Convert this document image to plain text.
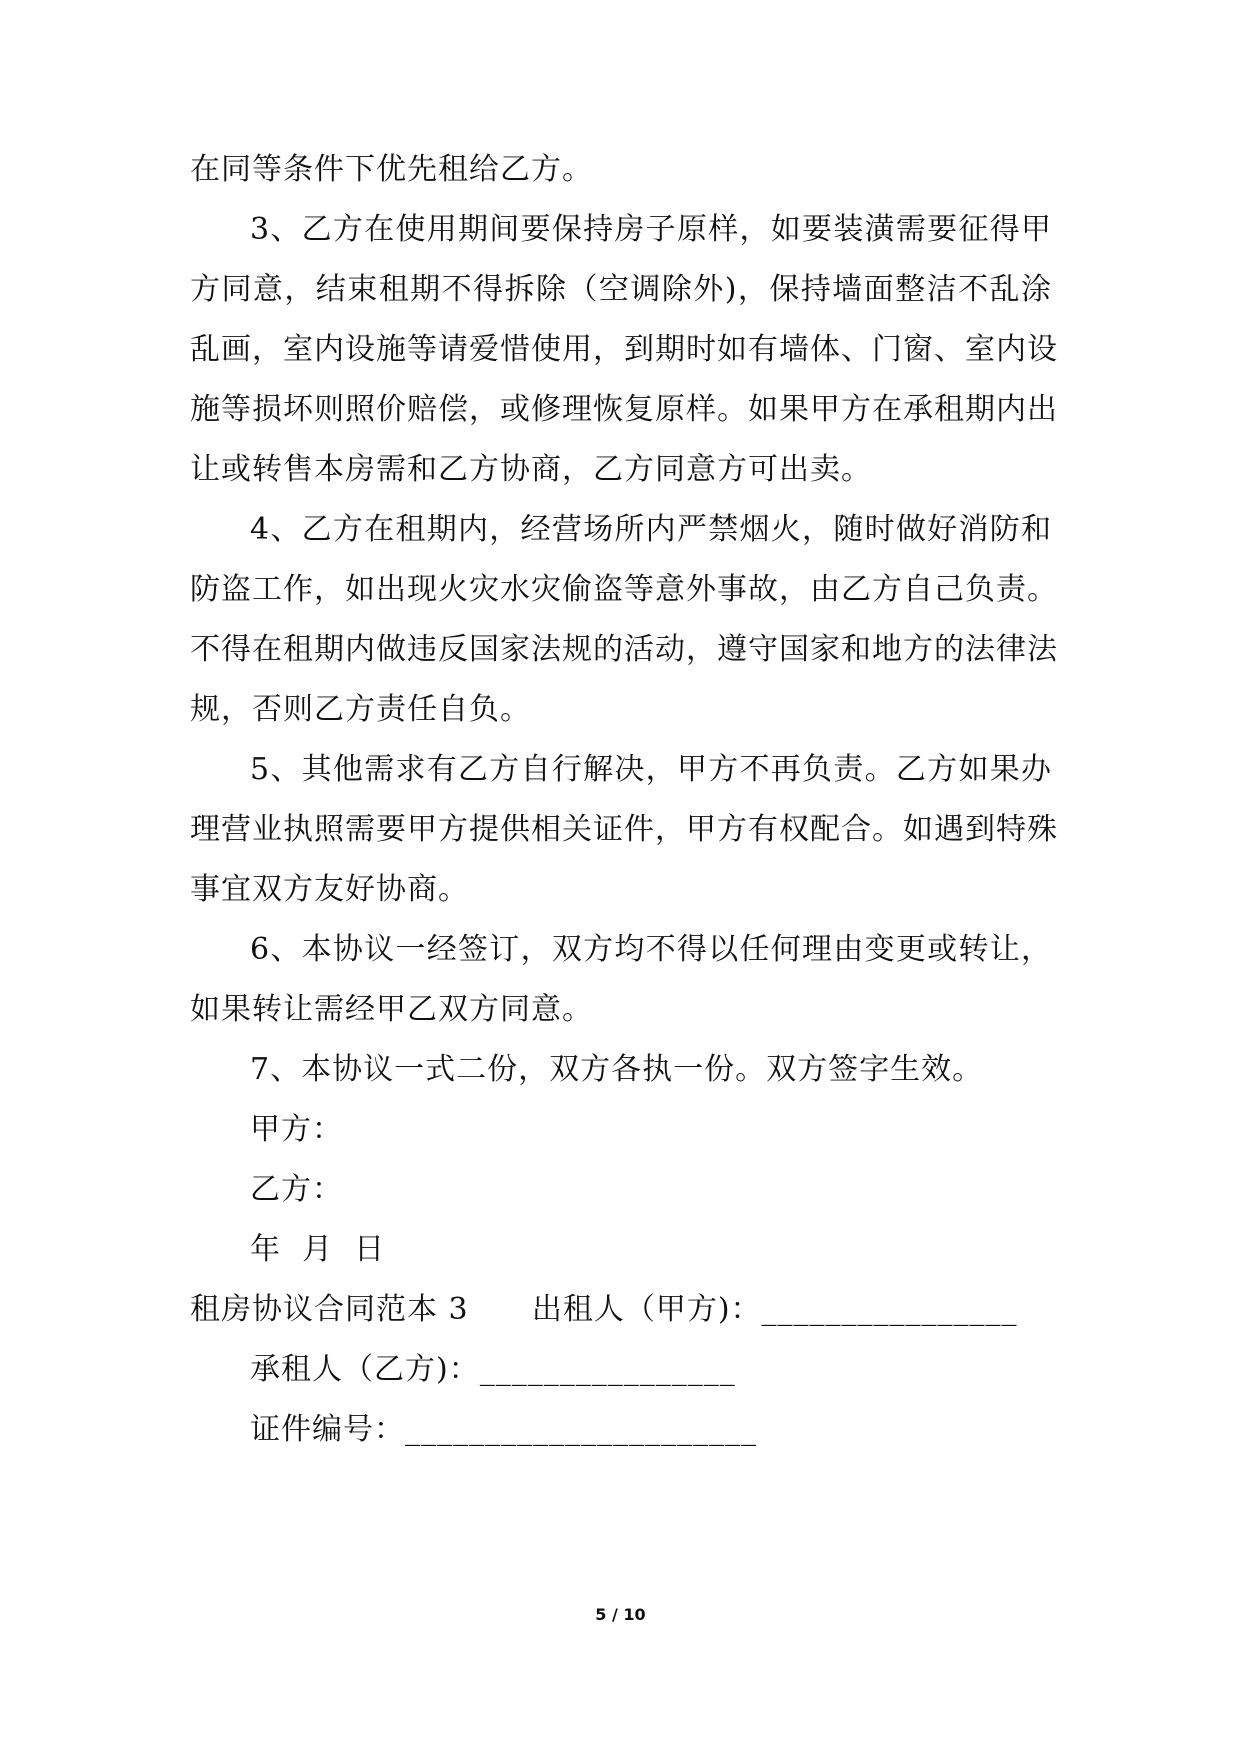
在同等条件下优先租给乙方。
3、乙方在使用期间要保持房子原样，如要装潢需要征得甲
方同意，结束租期不得拆除（空调除外)，保持墙面整洁不乱涂
乱画，室内设施等请爱惜使用，到期时如有墙体、门窗、室内设
施等损坏则照价赔偿，或修理恢复原样。如果甲方在承租期内出
让或转售本房需和乙方协商，乙方同意方可出卖。
4、乙方在租期内，经营场所内严禁烟火，随时做好消防和
防盗工作，如出现火灾水灾偷盗等意外事故，由乙方自己负责。
不得在租期内做违反国家法规的活动，遵守国家和地方的法律法
规，否则乙方责任自负。
5、其他需求有乙方自行解决，甲方不再负责。乙方如果办
理营业执照需要甲方提供相关证件，甲方有权配合。如遇到特殊
事宜双方友好协商。
6、本协议一经签订，双方均不得以任何理由变更或转让，
如果转让需经甲乙双方同意。
7、本协议一式二份，双方各执一份。双方签字生效。
甲方：
乙方：
年  月  日
租房协议合同范本 3      出租人（甲方)：________________
承租人（乙方)：________________
证件编号：______________________
5 / 10
